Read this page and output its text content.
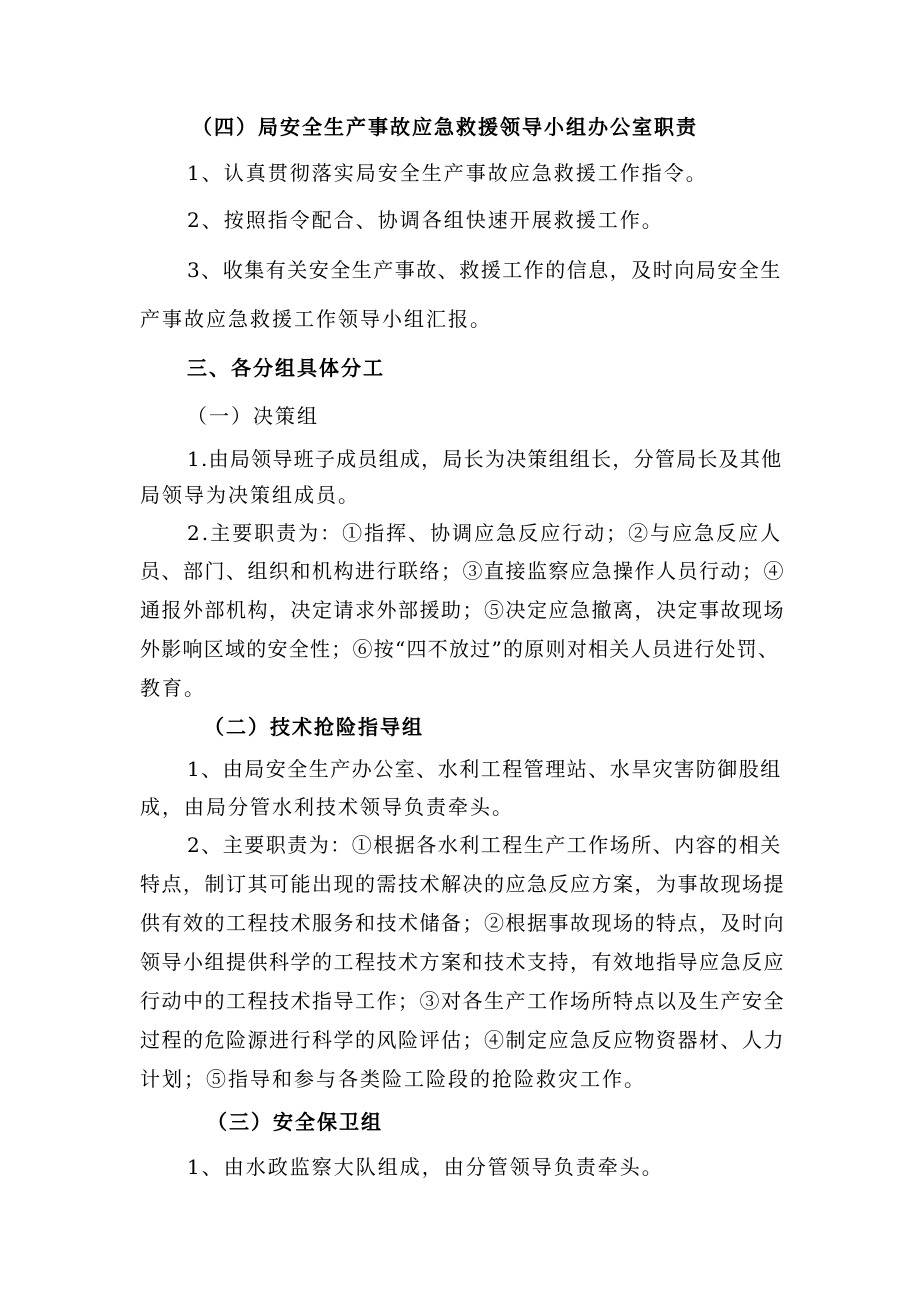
（四）局安全生产事故应急救援领导小组办公室职责
1、认真贯彻落实局安全生产事故应急救援工作指令。
2、按照指令配合、协调各组快速开展救援工作。
3、收集有关安全生产事故、救援工作的信息，及时向局安全生
产事故应急救援工作领导小组汇报。
三、各分组具体分工
（一）决策组
1.由局领导班子成员组成，局长为决策组组长，分管局长及其他
局领导为决策组成员。
2.主要职责为：①指挥、协调应急反应行动；②与应急反应人
员、部门、组织和机构进行联络；③直接监察应急操作人员行动；④
通报外部机构，决定请求外部援助；⑤决定应急撤离，决定事故现场
外影响区域的安全性；⑥按“四不放过”的原则对相关人员进行处罚、
教育。
（二）技术抢险指导组
1、由局安全生产办公室、水利工程管理站、水旱灾害防御股组
成，由局分管水利技术领导负责牵头。
2、主要职责为：①根据各水利工程生产工作场所、内容的相关
特点，制订其可能出现的需技术解决的应急反应方案，为事故现场提
供有效的工程技术服务和技术储备；②根据事故现场的特点，及时向
领导小组提供科学的工程技术方案和技术支持，有效地指导应急反应
行动中的工程技术指导工作；③对各生产工作场所特点以及生产安全
过程的危险源进行科学的风险评估；④制定应急反应物资器材、人力
计划；⑤指导和参与各类险工险段的抢险救灾工作。
（三）安全保卫组
1、由水政监察大队组成，由分管领导负责牵头。
